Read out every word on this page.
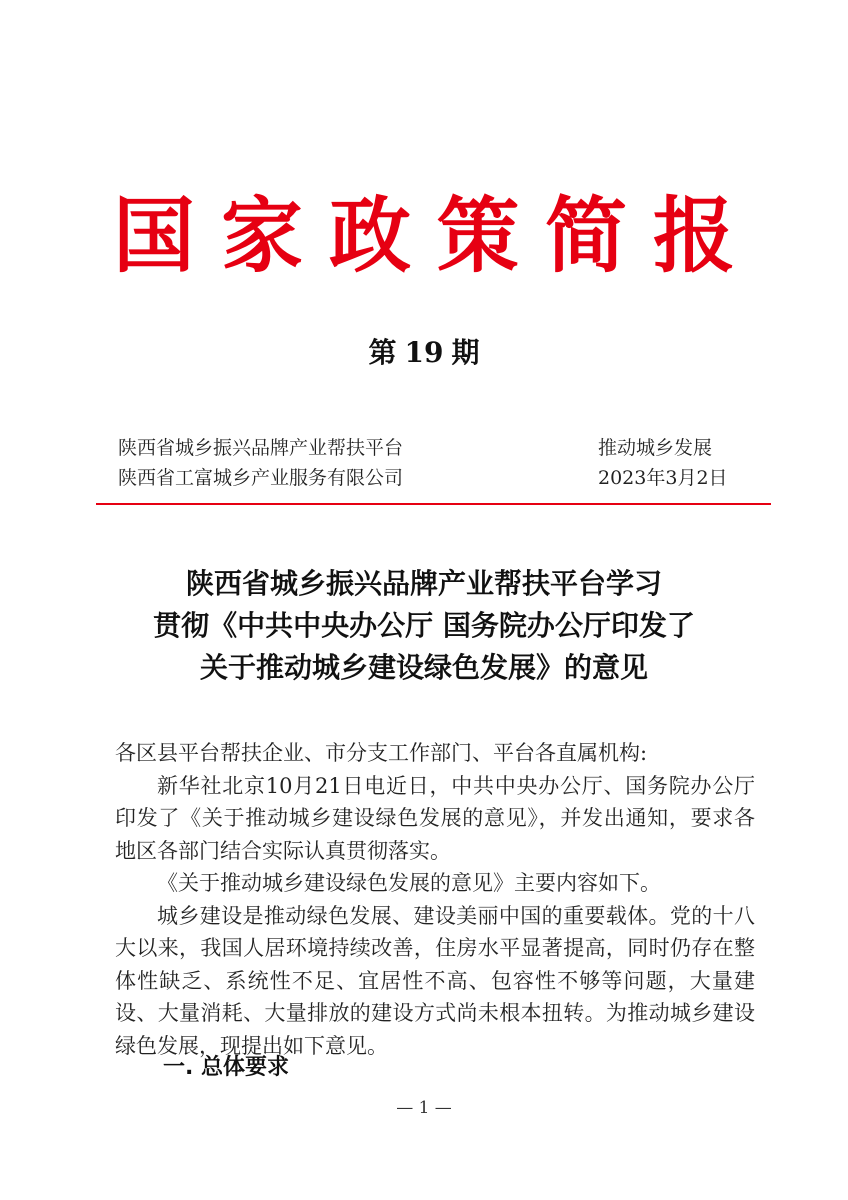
国家政策简报
第 19 期
陕西省城乡振兴品牌产业帮扶平台
陕西省工富城乡产业服务有限公司
推动城乡发展
2023年3月2日
陕西省城乡振兴品牌产业帮扶平台学习
贯彻《中共中央办公厅 国务院办公厅印发了
关于推动城乡建设绿色发展》的意见

各区县平台帮扶企业、市分支工作部门、平台各直属机构:

新华社北京10月21日电近日，中共中央办公厅、国务院办公厅印发了《关于推动城乡建设绿色发展的意见》，并发出通知，要求各地区各部门结合实际认真贯彻落实。

《关于推动城乡建设绿色发展的意见》主要内容如下。

城乡建设是推动绿色发展、建设美丽中国的重要载体。党的十八大以来，我国人居环境持续改善，住房水平显著提高，同时仍存在整体性缺乏、系统性不足、宜居性不高、包容性不够等问题，大量建设、大量消耗、大量排放的建设方式尚未根本扭转。为推动城乡建设绿色发展，现提出如下意见。

一. 总体要求
— 1 —
